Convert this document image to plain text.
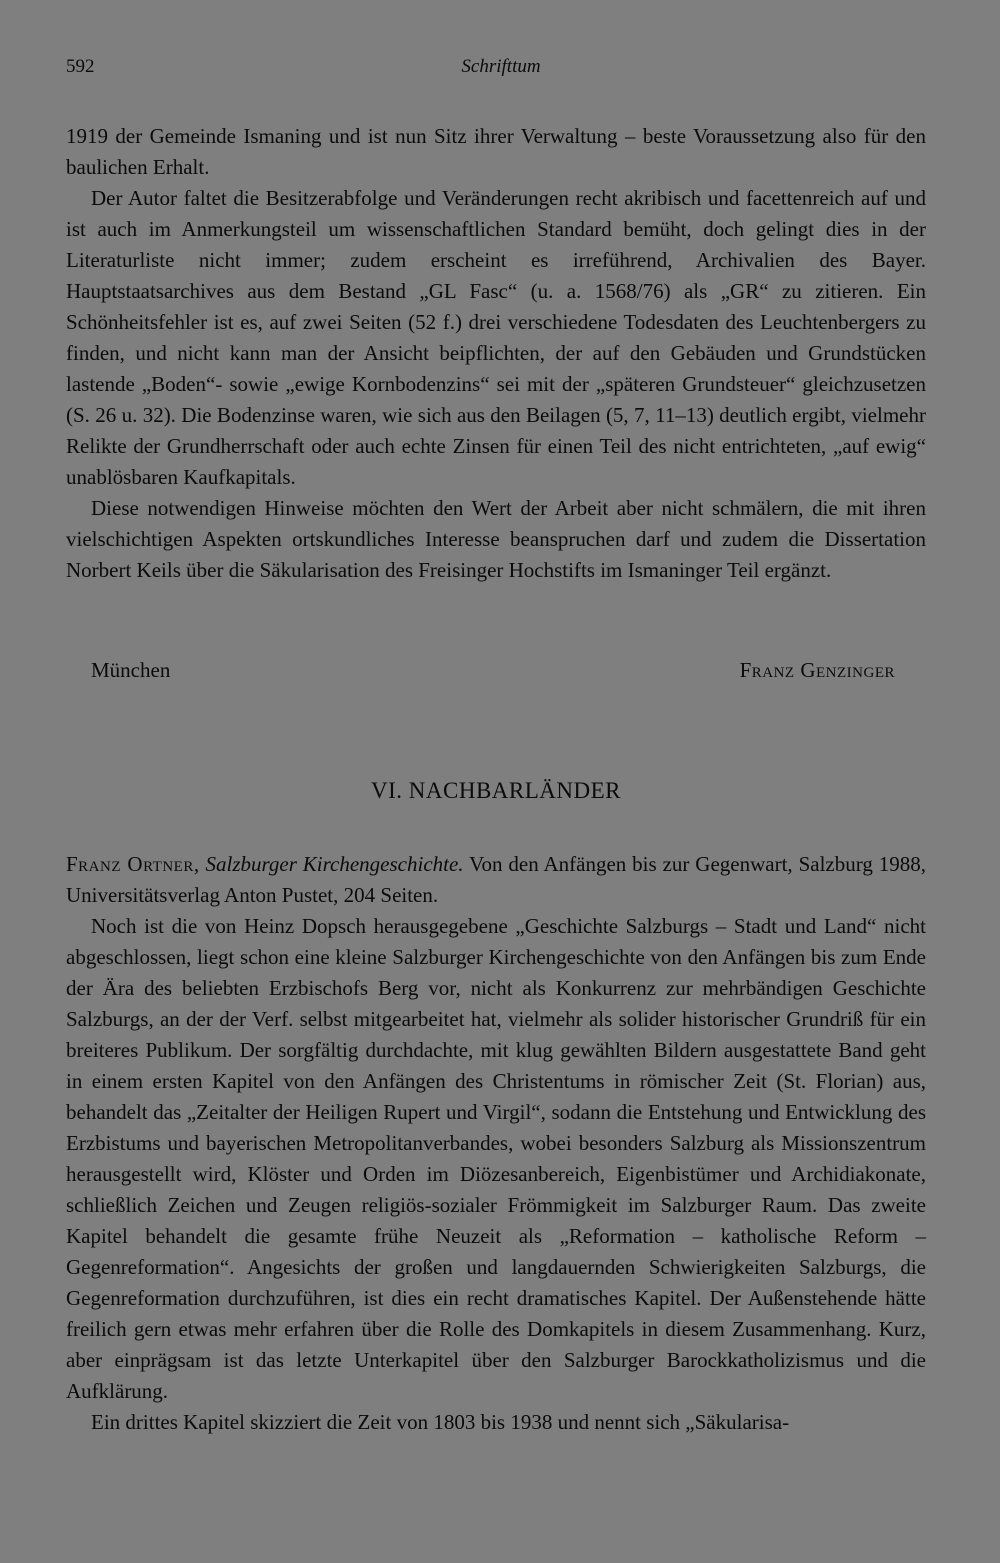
592	Schrifttum

1919 der Gemeinde Ismaning und ist nun Sitz ihrer Verwaltung – beste Voraussetzung also für den baulichen Erhalt.

Der Autor faltet die Besitzerabfolge und Veränderungen recht akribisch und facettenreich auf und ist auch im Anmerkungsteil um wissenschaftlichen Standard bemüht, doch gelingt dies in der Literaturliste nicht immer; zudem erscheint es irreführend, Archivalien des Bayer. Hauptstaatsarchives aus dem Bestand „GL Fasc“ (u. a. 1568/76) als „GR“ zu zitieren. Ein Schönheitsfehler ist es, auf zwei Seiten (52 f.) drei verschiedene Todesdaten des Leuchtenbergers zu finden, und nicht kann man der Ansicht beipflichten, der auf den Gebäuden und Grundstücken lastende „Boden“- sowie „ewige Kornbodenzins“ sei mit der „späteren Grundsteuer“ gleichzusetzen (S. 26 u. 32). Die Bodenzinse waren, wie sich aus den Beilagen (5, 7, 11–13) deutlich ergibt, vielmehr Relikte der Grundherrschaft oder auch echte Zinsen für einen Teil des nicht entrichteten, „auf ewig“ unablösbaren Kaufkapitals.

Diese notwendigen Hinweise möchten den Wert der Arbeit aber nicht schmälern, die mit ihren vielschichtigen Aspekten ortskundliches Interesse beanspruchen darf und zudem die Dissertation Norbert Keils über die Säkularisation des Freisinger Hochstifts im Ismaninger Teil ergänzt.

München	Franz Genzinger
VI. NACHBARLÄNDER

Franz Ortner, Salzburger Kirchengeschichte. Von den Anfängen bis zur Gegenwart, Salzburg 1988, Universitätsverlag Anton Pustet, 204 Seiten.

Noch ist die von Heinz Dopsch herausgegebene „Geschichte Salzburgs – Stadt und Land“ nicht abgeschlossen, liegt schon eine kleine Salzburger Kirchengeschichte von den Anfängen bis zum Ende der Ära des beliebten Erzbischofs Berg vor, nicht als Konkurrenz zur mehrbändigen Geschichte Salzburgs, an der der Verf. selbst mitgearbeitet hat, vielmehr als solider historischer Grundriß für ein breiteres Publikum. Der sorgfältig durchdachte, mit klug gewählten Bildern ausgestattete Band geht in einem ersten Kapitel von den Anfängen des Christentums in römischer Zeit (St. Florian) aus, behandelt das „Zeitalter der Heiligen Rupert und Virgil“, sodann die Entstehung und Entwicklung des Erzbistums und bayerischen Metropolitanverbandes, wobei besonders Salzburg als Missionszentrum herausgestellt wird, Klöster und Orden im Diözesanbereich, Eigenbistümer und Archidiakonate, schließlich Zeichen und Zeugen religiös-sozialer Frömmigkeit im Salzburger Raum. Das zweite Kapitel behandelt die gesamte frühe Neuzeit als „Reformation – katholische Reform – Gegenreformation“. Angesichts der großen und langdauernden Schwierigkeiten Salzburgs, die Gegenreformation durchzuführen, ist dies ein recht dramatisches Kapitel. Der Außenstehende hätte freilich gern etwas mehr erfahren über die Rolle des Domkapitels in diesem Zusammenhang. Kurz, aber einprägsam ist das letzte Unterkapitel über den Salzburger Barockkatholizismus und die Aufklärung.

Ein drittes Kapitel skizziert die Zeit von 1803 bis 1938 und nennt sich „Säkularisa-
